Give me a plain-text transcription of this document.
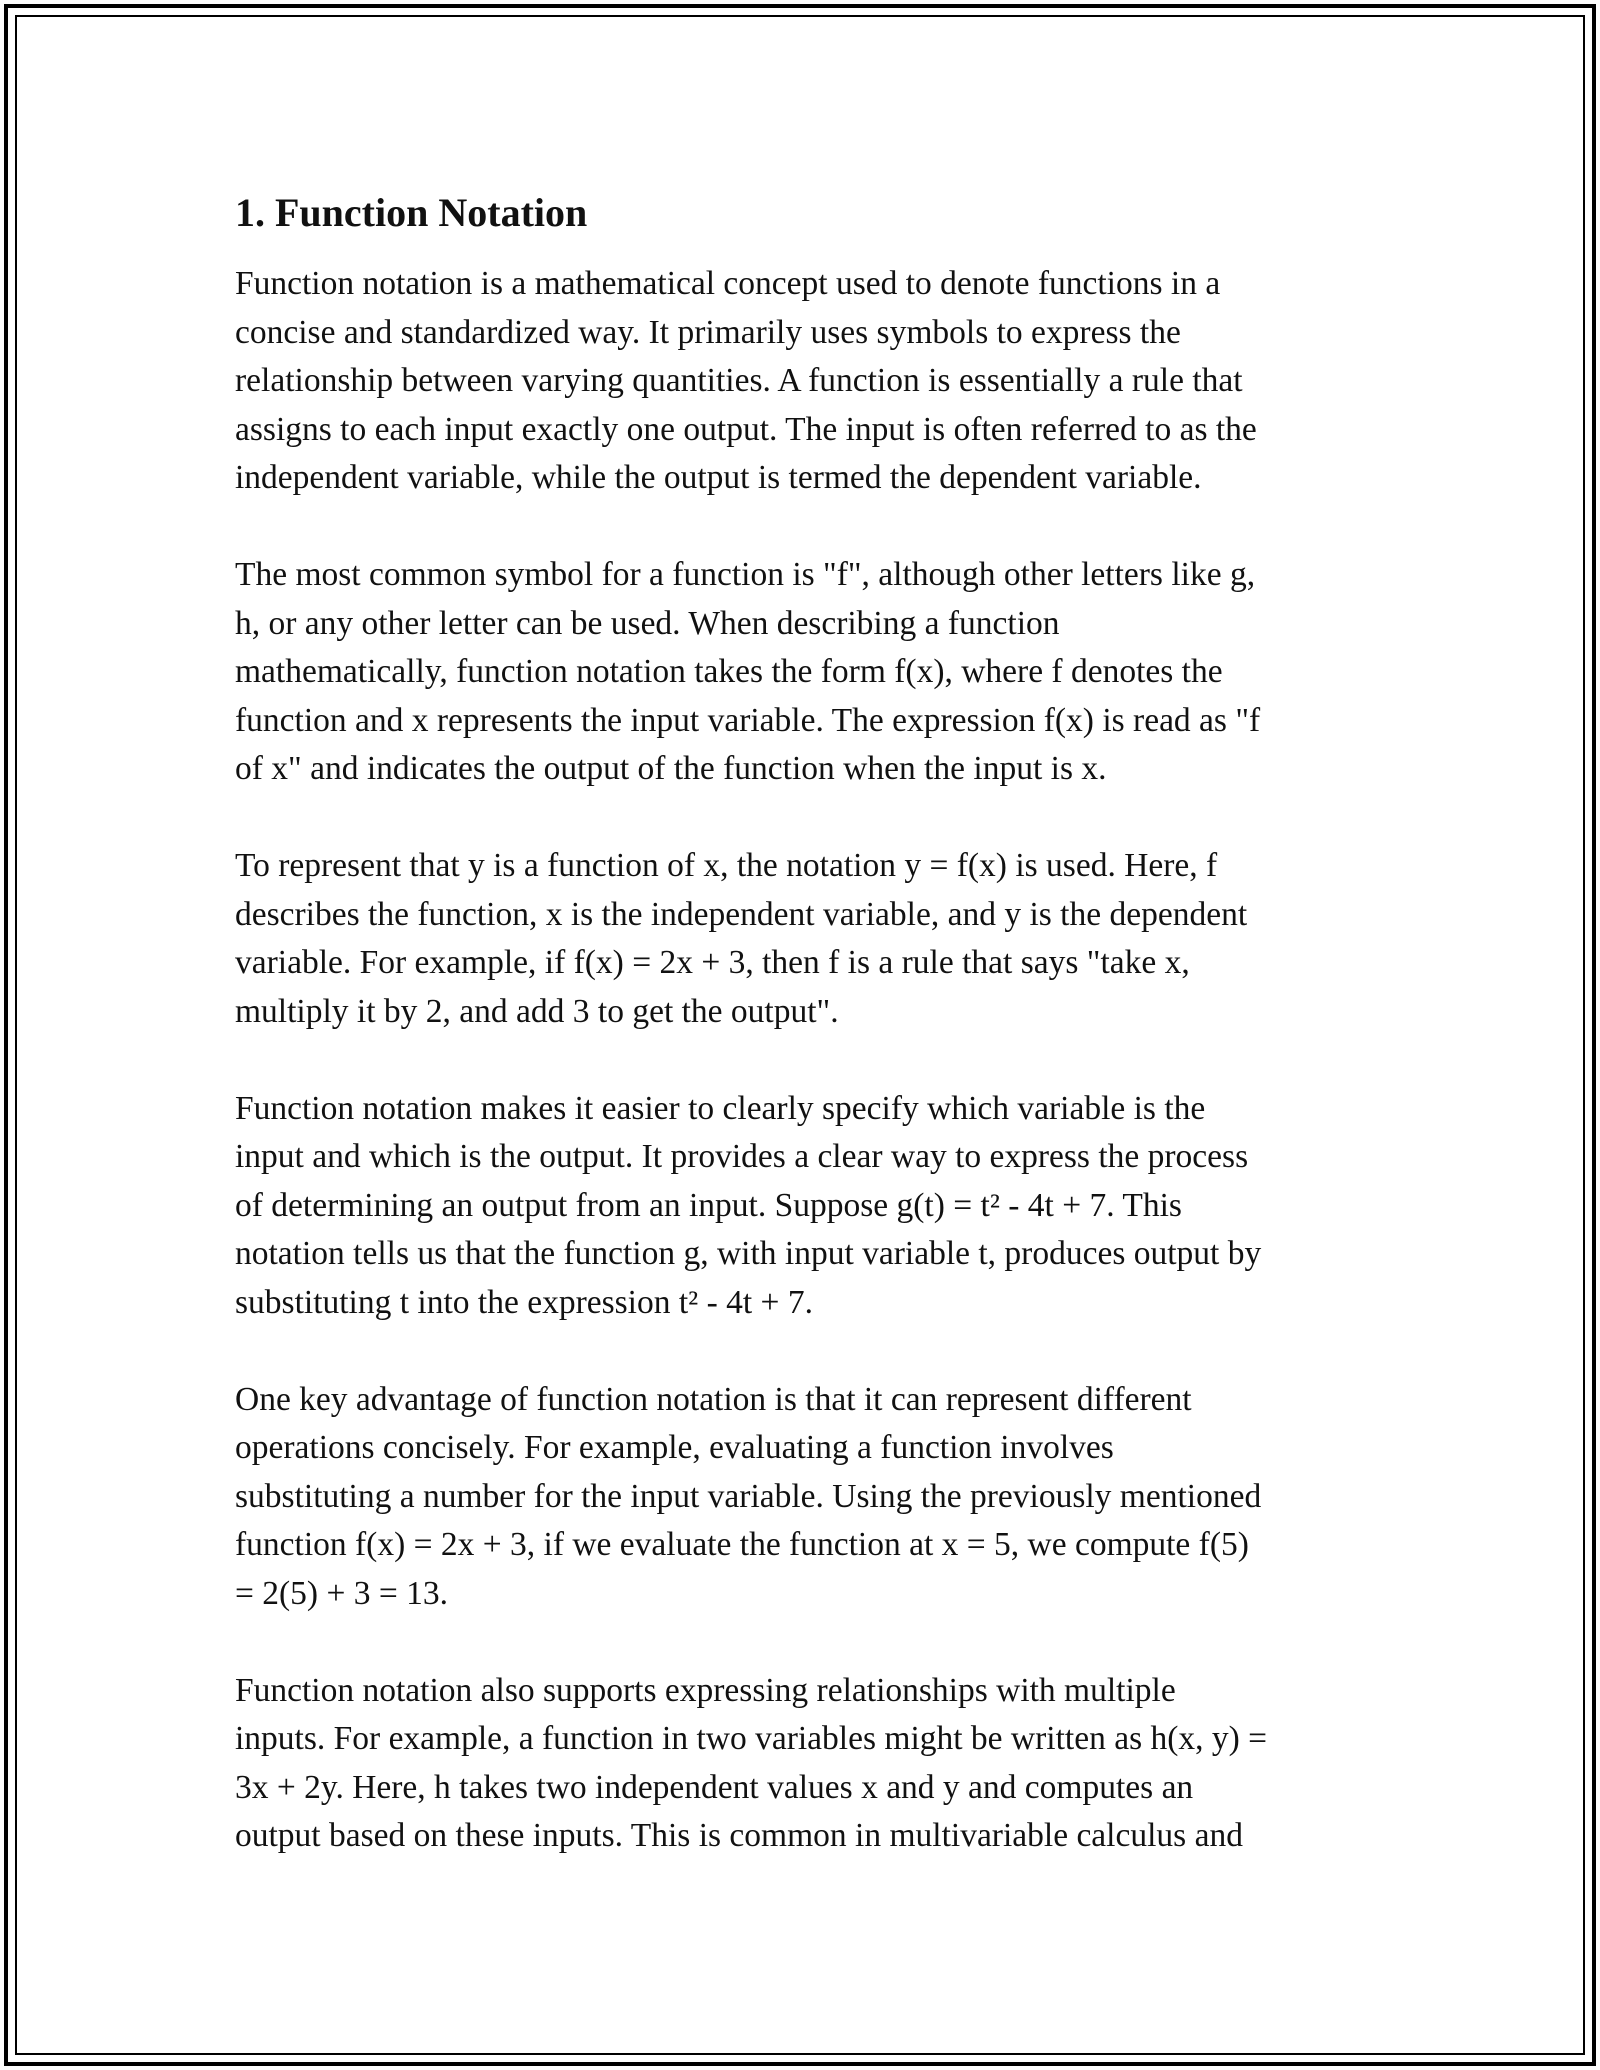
1. Function Notation

Function notation is a mathematical concept used to denote functions in a
concise and standardized way. It primarily uses symbols to express the
relationship between varying quantities. A function is essentially a rule that
assigns to each input exactly one output. The input is often referred to as the
independent variable, while the output is termed the dependent variable.

The most common symbol for a function is "f", although other letters like g,
h, or any other letter can be used. When describing a function
mathematically, function notation takes the form f(x), where f denotes the
function and x represents the input variable. The expression f(x) is read as "f
of x" and indicates the output of the function when the input is x.

To represent that y is a function of x, the notation y = f(x) is used. Here, f
describes the function, x is the independent variable, and y is the dependent
variable. For example, if f(x) = 2x + 3, then f is a rule that says "take x,
multiply it by 2, and add 3 to get the output".

Function notation makes it easier to clearly specify which variable is the
input and which is the output. It provides a clear way to express the process
of determining an output from an input. Suppose g(t) = t² - 4t + 7. This
notation tells us that the function g, with input variable t, produces output by
substituting t into the expression t² - 4t + 7.

One key advantage of function notation is that it can represent different
operations concisely. For example, evaluating a function involves
substituting a number for the input variable. Using the previously mentioned
function f(x) = 2x + 3, if we evaluate the function at x = 5, we compute f(5)
= 2(5) + 3 = 13.

Function notation also supports expressing relationships with multiple
inputs. For example, a function in two variables might be written as h(x, y) =
3x + 2y. Here, h takes two independent values x and y and computes an
output based on these inputs. This is common in multivariable calculus and
